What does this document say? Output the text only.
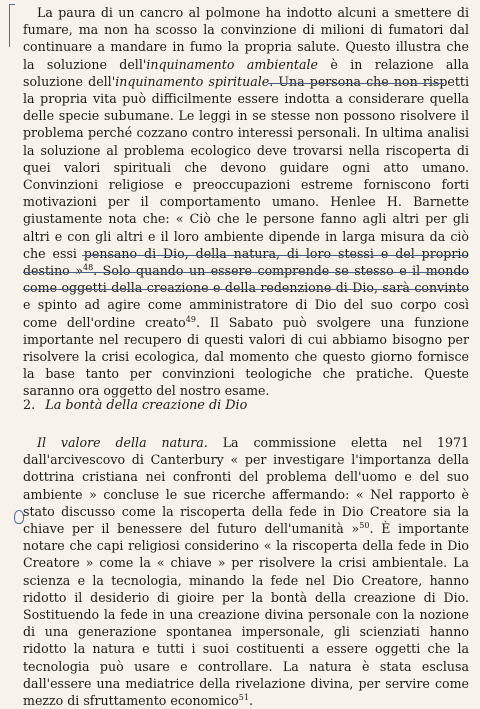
La paura di un cancro al polmone ha indotto alcuni a smettere di fumare, ma non ha scosso la convinzione di milioni di fumatori dal continuare a mandare in fumo la propria salute. Questo illustra che la soluzione dell'inquinamento ambientale è in relazione alla soluzione dell'inquinamento spirituale. Una persona che non rispetti la propria vita può difficilmente essere indotta a considerare quella delle specie subumane. Le leggi in se stesse non possono risolvere il problema perché cozzano contro interessi personali. In ultima analisi la soluzione al problema ecologico deve trovarsi nella riscoperta di quei valori spirituali che devono guidare ogni atto umano. Convinzioni religiose e preoccupazioni estreme forniscono forti motivazioni per il comportamento umano. Henlee H. Barnette giustamente nota che: « Ciò che le persone fanno agli altri per gli altri e con gli altri e il loro ambiente dipende in larga misura da ciò che essi pensano di Dio, della natura, di loro stessi e del proprio destino »$^{48}$. Solo quando un essere comprende se stesso e il mondo come oggetti della creazione e della redenzione di Dio, sarà convinto e spinto ad agire come amministratore di Dio del suo corpo così come dell'ordine creato$^{49}$. Il Sabato può svolgere una funzione importante nel recupero di questi valori di cui abbiamo bisogno per risolvere la crisi ecologica, dal momento che questo giorno fornisce la base tanto per convinzioni teologiche che pratiche. Queste saranno ora oggetto del nostro esame.
2. La bontà della creazione di Dio
Il valore della natura. La commissione eletta nel 1971 dall'arcivescovo di Canterbury « per investigare l'importanza della dottrina cristiana nei confronti del problema dell'uomo e del suo ambiente » concluse le sue ricerche affermando: « Nel rapporto è stato discusso come la riscoperta della fede in Dio Creatore sia la chiave per il benessere del futuro dell'umanità »$^{50}$. È importante notare che capi religiosi considerino « la riscoperta della fede in Dio Creatore » come la « chiave » per risolvere la crisi ambientale. La scienza e la tecnologia, minando la fede nel Dio Creatore, hanno ridotto il desiderio di gioire per la bontà della creazione di Dio. Sostituendo la fede in una creazione divina personale con la nozione di una generazione spontanea impersonale, gli scienziati hanno ridotto la natura e tutti i suoi costituenti a essere oggetti che la tecnologia può usare e controllare. La natura è stata esclusa dall'essere una mediatrice della rivelazione divina, per servire come mezzo di sfruttamento economico$^{51}$.
